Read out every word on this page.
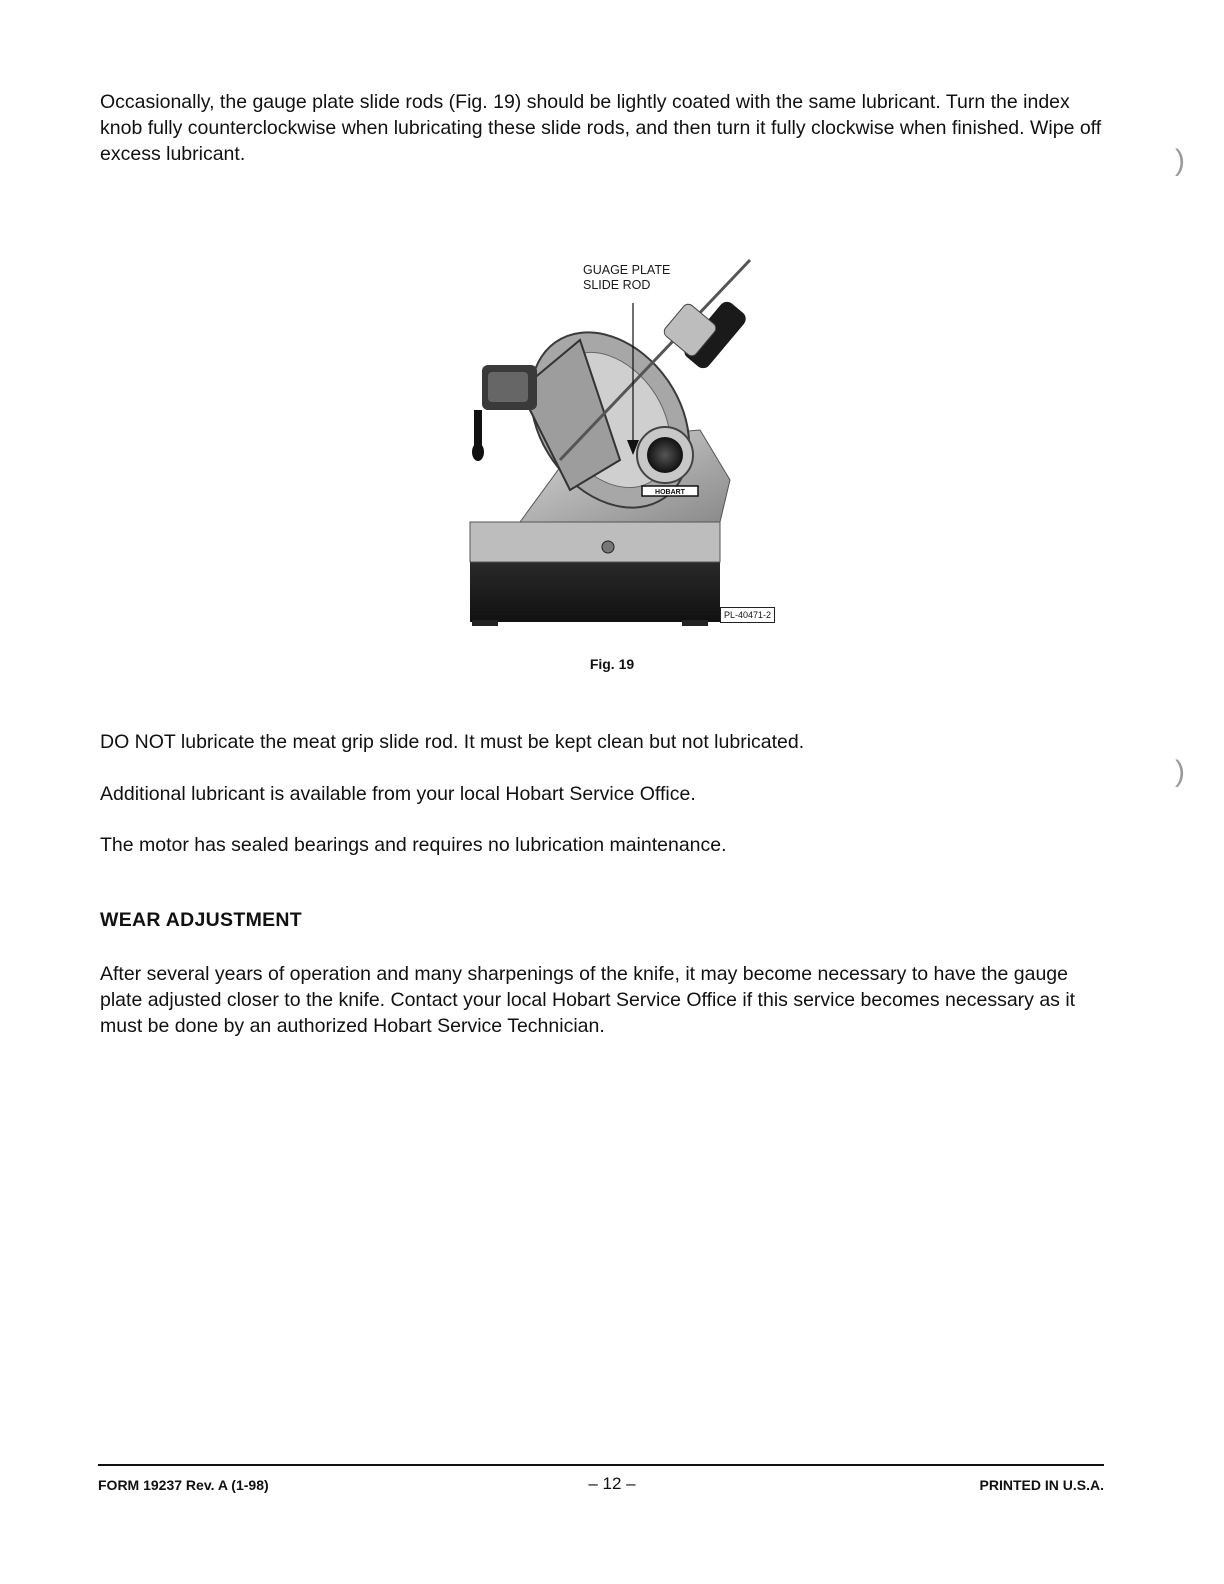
Occasionally, the gauge plate slide rods (Fig. 19) should be lightly coated with the same lubricant. Turn the index knob fully counterclockwise when lubricating these slide rods, and then turn it fully clockwise when finished. Wipe off excess lubricant.

HOBART
GUAGE PLATE
SLIDE ROD
PL-40471-2

Fig. 19

DO NOT lubricate the meat grip slide rod. It must be kept clean but not lubricated.

Additional lubricant is available from your local Hobart Service Office.

The motor has sealed bearings and requires no lubrication maintenance.

WEAR ADJUSTMENT

After several years of operation and many sharpenings of the knife, it may become necessary to have the gauge plate adjusted closer to the knife. Contact your local Hobart Service Office if this service becomes necessary as it must be done by an authorized Hobart Service Technician.

FORM 19237 Rev. A (1-98)	– 12 –	PRINTED IN U.S.A.

)
)
